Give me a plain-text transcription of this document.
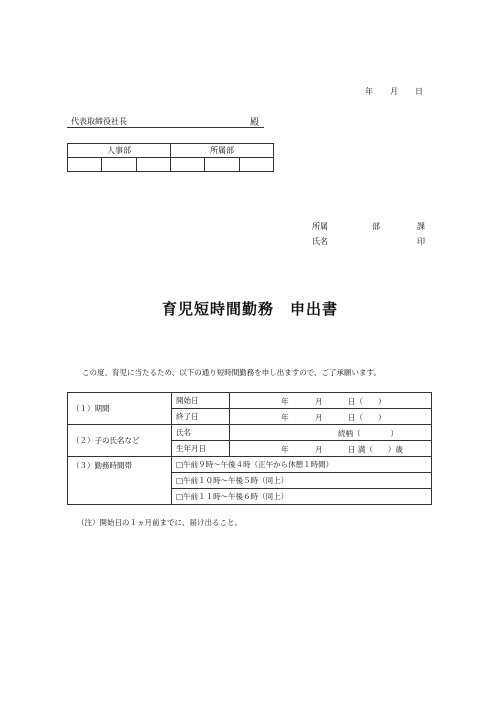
年 月 日
代表取締役社長	殿
人事部			所属部		

所属	部	課
氏名	印
育児短時間勤務　申出書
この度、育児に当たるため、以下の通り短時間勤務を申し出ますので、ご了承願います。
（１）期間	開始日	年 月 日（　　）

	終了日	年 月 日（　　）

（２）子の氏名など	氏名	続柄（　　　　）

	生年月日	年 月 日 満（　　）歳

（３）勤務時間帯	□午前９時～午後４時（正午から休憩１時間）	
	□午前１０時～午後５時（同上）	
	□午前１１時～午後６時（同上）	
（注）開始日の１ヵ月前までに、届け出ること。
